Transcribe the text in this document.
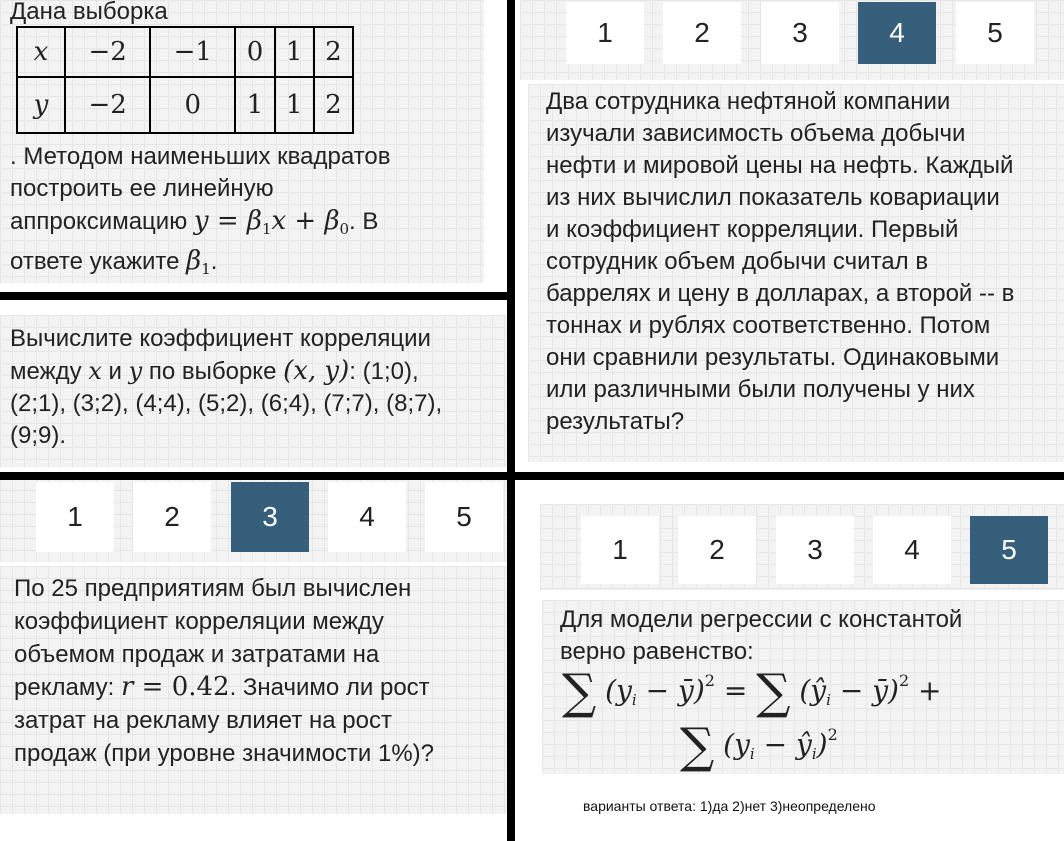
Дана выборка
x	−2	−1	0	1	2
y	−2	0	1	1	2
. Методом наименьших квадратов
построить ее линейную
аппроксимацию $y = \beta_1x + \beta_0$. В
ответе укажите $\beta_1$.
Вычислите коэффициент корреляции
между x и y по выборке (x, y): (1;0),
(2;1), (3;2), (4;4), (5;2), (6;4), (7;7), (8;7),
(9;9).
1	2	3	4	5
Два сотрудника нефтяной компании
изучали зависимость объема добычи
нефти и мировой цены на нефть. Каждый
из них вычислил показатель ковариации
и коэффициент корреляции. Первый
сотрудник объем добычи считал в
баррелях и цену в долларах, а второй -- в
тоннах и рублях соответственно. Потом
они сравнили результаты. Одинаковыми
или различными были получены у них
результаты?
1	2	3	4	5
По 25 предприятиям был вычислен
коэффициент корреляции между
объемом продаж и затратами на
рекламу: r = 0.42. Значимо ли рост
затрат на рекламу влияет на рост
продаж (при уровне значимости 1%)?
1	2	3	4	5
Для модели регрессии с константой
верно равенство:
∑ ($y_i$ − ȳ)$^2$ = ∑ ($ŷ_i$ − ȳ)$^2$ +
∑ ($y_i$ − $ŷ_i)^2$
варианты ответа: 1)да 2)нет 3)неопределено
